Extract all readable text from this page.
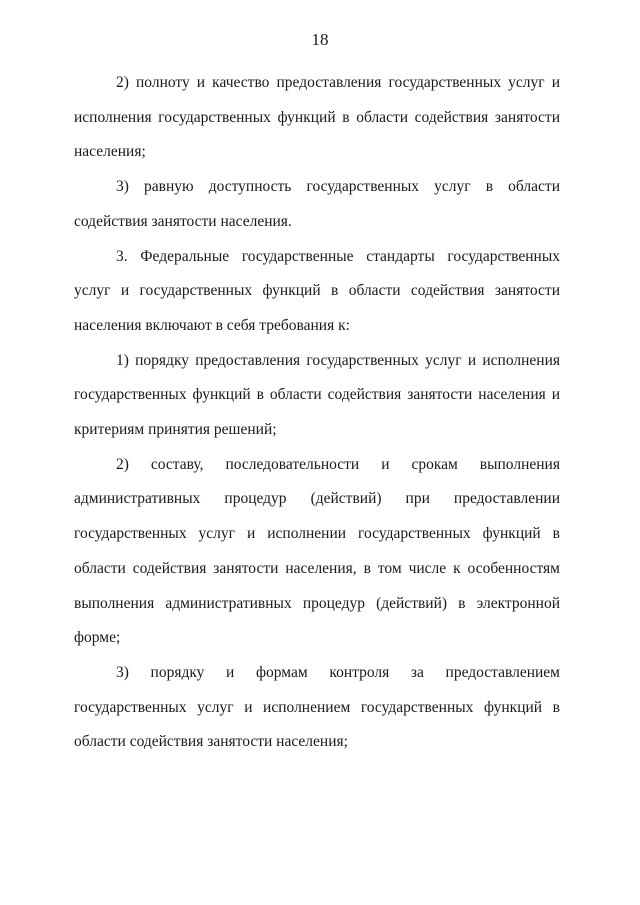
18

2) полноту и качество предоставления государственных услуг и исполнения государственных функций в области содействия занятости населения;

3) равную доступность государственных услуг в области содействия занятости населения.

3. Федеральные государственные стандарты государственных услуг и государственных функций в области содействия занятости населения включают в себя требования к:

1) порядку предоставления государственных услуг и исполнения государственных функций в области содействия занятости населения и критериям принятия решений;

2) составу, последовательности и срокам выполнения административных процедур (действий) при предоставлении государственных услуг и исполнении государственных функций в области содействия занятости населения, в том числе к особенностям выполнения административных процедур (действий) в электронной форме;

3) порядку и формам контроля за предоставлением государственных услуг и исполнением государственных функций в области содействия занятости населения;
